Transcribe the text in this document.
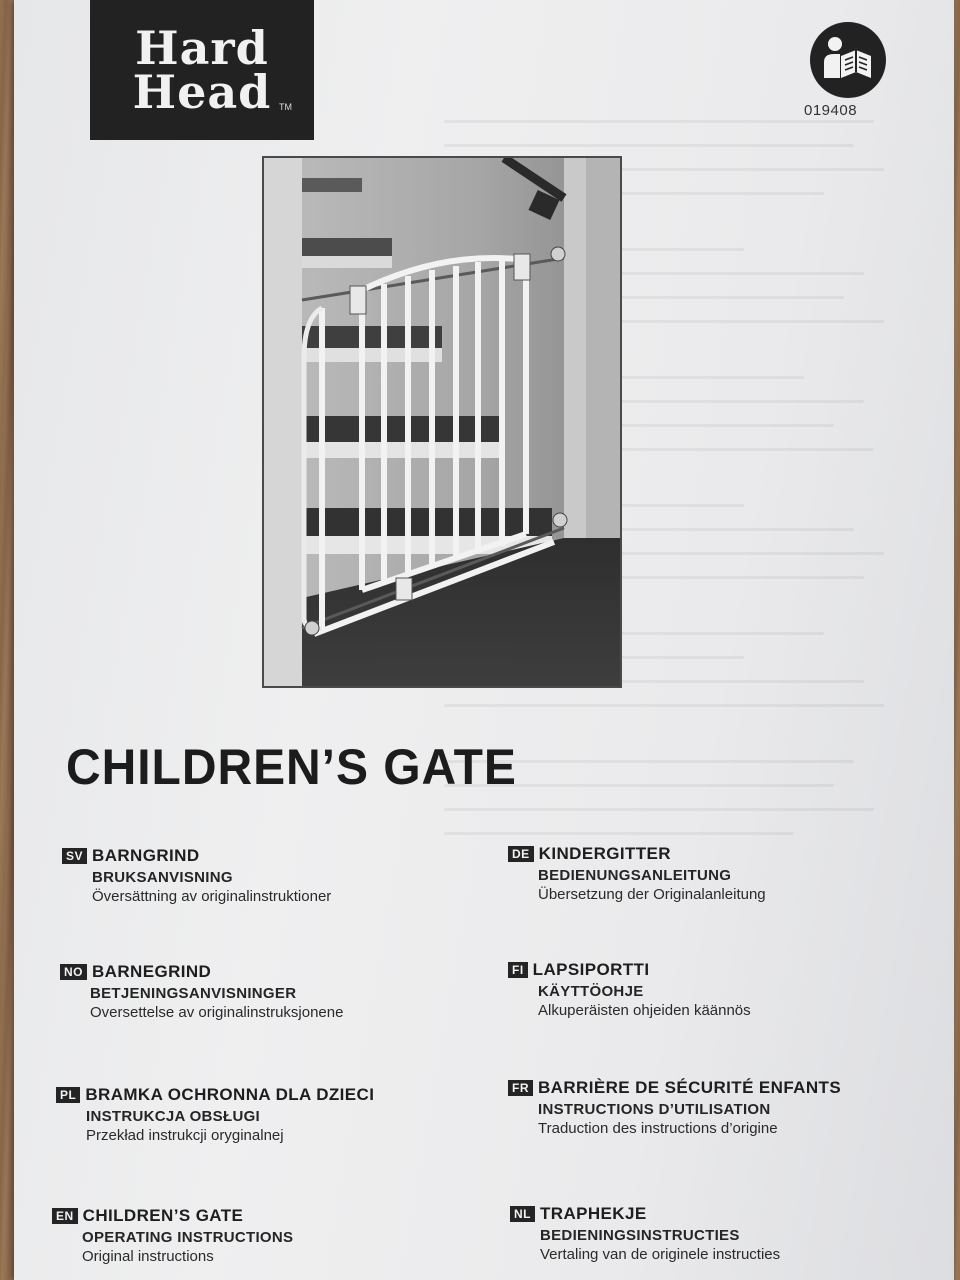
Hard
Head TM	019408
CHILDREN’S GATE
SV BARNGRIND
BRUKSANVISNING
Översättning av originalinstruktioner
DE KINDERGITTER
BEDIENUNGSANLEITUNG
Übersetzung der Originalanleitung
NO BARNEGRIND
BETJENINGSANVISNINGER
Oversettelse av originalinstruksjonene
FI LAPSIPORTTI
KÄYTTÖOHJE
Alkuperäisten ohjeiden käännös
PL BRAMKA OCHRONNA DLA DZIECI
INSTRUKCJA OBSŁUGI
Przekład instrukcji oryginalnej
FR BARRIÈRE DE SÉCURITÉ ENFANTS
INSTRUCTIONS D’UTILISATION
Traduction des instructions d’origine
EN CHILDREN’S GATE
OPERATING INSTRUCTIONS
Original instructions
NL TRAPHEKJE
BEDIENINGSINSTRUCTIES
Vertaling van de originele instructies
